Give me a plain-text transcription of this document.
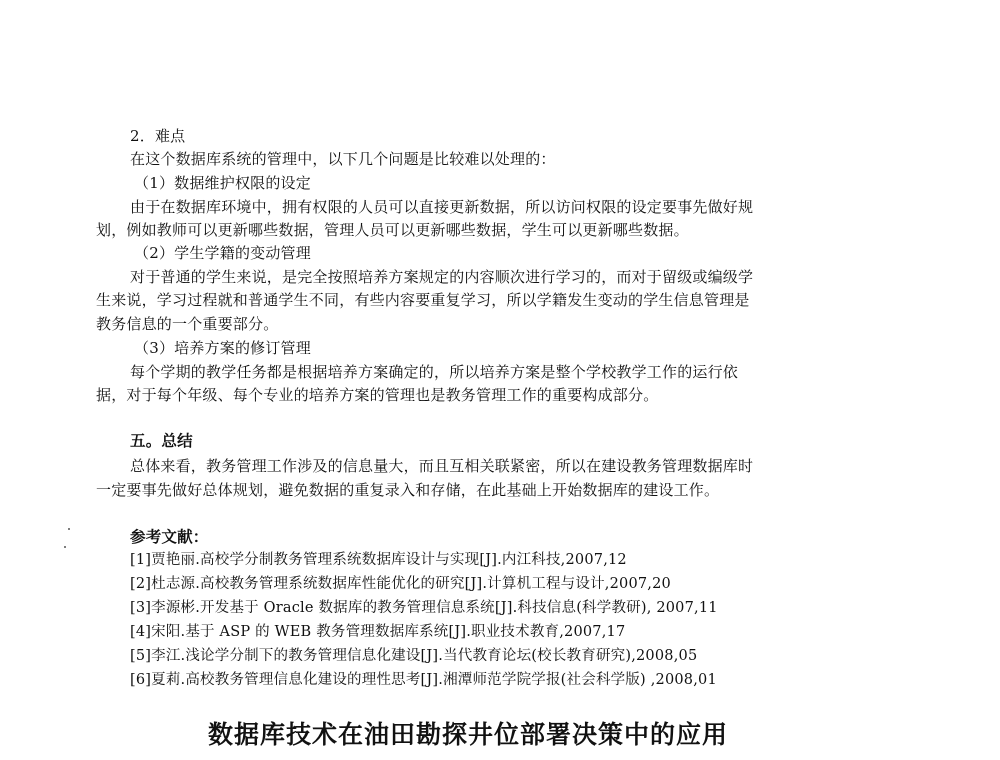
2．难点
在这个数据库系统的管理中，以下几个问题是比较难以处理的：
（1）数据维护权限的设定
由于在数据库环境中，拥有权限的人员可以直接更新数据，所以访问权限的设定要事先做好规
划，例如教师可以更新哪些数据，管理人员可以更新哪些数据，学生可以更新哪些数据。
（2）学生学籍的变动管理
对于普通的学生来说，是完全按照培养方案规定的内容顺次进行学习的，而对于留级或编级学
生来说，学习过程就和普通学生不同，有些内容要重复学习，所以学籍发生变动的学生信息管理是
教务信息的一个重要部分。
（3）培养方案的修订管理
每个学期的教学任务都是根据培养方案确定的，所以培养方案是整个学校教学工作的运行依
据，对于每个年级、每个专业的培养方案的管理也是教务管理工作的重要构成部分。
五。总结
总体来看，教务管理工作涉及的信息量大，而且互相关联紧密，所以在建设教务管理数据库时
一定要事先做好总体规划，避免数据的重复录入和存储，在此基础上开始数据库的建设工作。
参考文献：
[1]贾艳丽.高校学分制教务管理系统数据库设计与实现[J].内江科技,2007,12
[2]杜志源.高校教务管理系统数据库性能优化的研究[J].计算机工程与设计,2007,20
[3]李源彬.开发基于 Oracle 数据库的教务管理信息系统[J].科技信息(科学教研), 2007,11
[4]宋阳.基于 ASP 的 WEB 教务管理数据库系统[J].职业技术教育,2007,17
[5]李江.浅论学分制下的教务管理信息化建设[J].当代教育论坛(校长教育研究),2008,05
[6]夏莉.高校教务管理信息化建设的理性思考[J].湘潭师范学院学报(社会科学版) ,2008,01
数据库技术在油田勘探井位部署决策中的应用
